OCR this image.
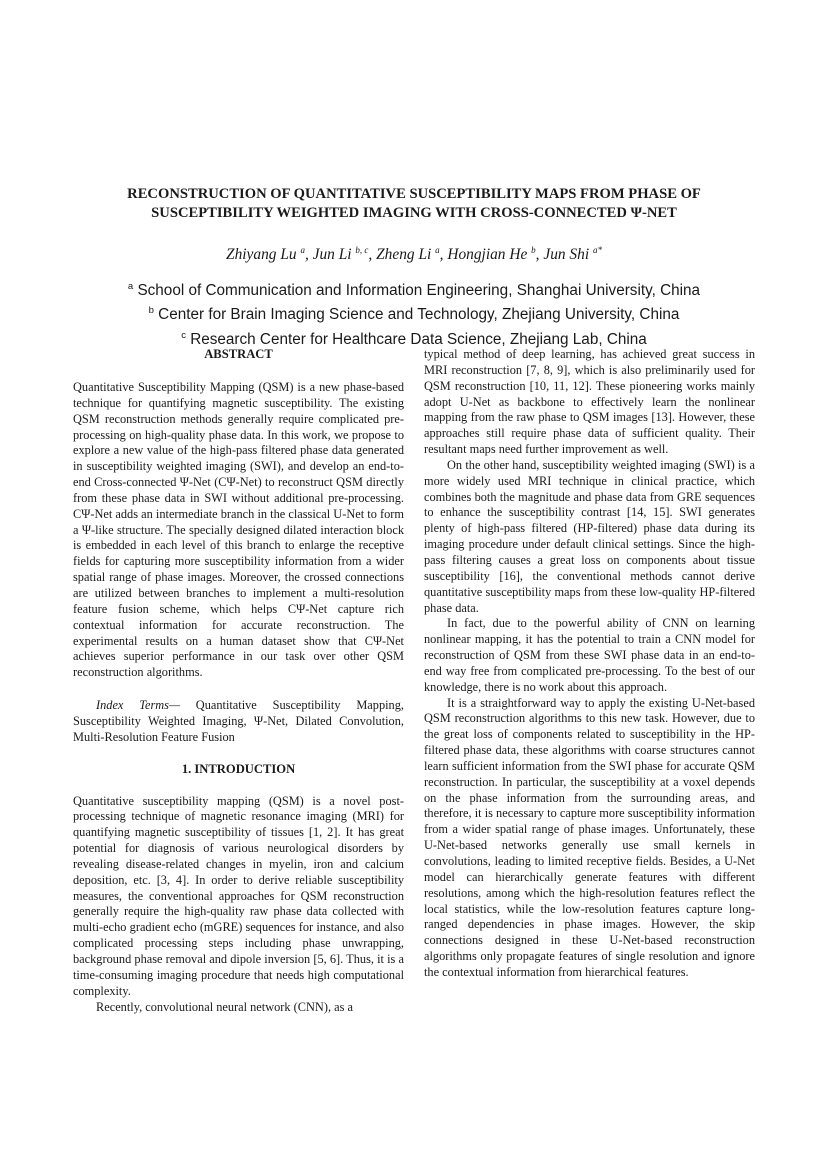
RECONSTRUCTION OF QUANTITATIVE SUSCEPTIBILITY MAPS FROM PHASE OF
SUSCEPTIBILITY WEIGHTED IMAGING WITH CROSS-CONNECTED Ψ-NET
Zhiyang Lu $^a$, Jun Li $^{b, c}$, Zheng Li $^a$, Hongjian He $^b$, Jun Shi $^{a*}$
$^a$ School of Communication and Information Engineering, Shanghai University, China
$^b$ Center for Brain Imaging Science and Technology, Zhejiang University, China
$^c$ Research Center for Healthcare Data Science, Zhejiang Lab, China
ABSTRACT

Quantitative Susceptibility Mapping (QSM) is a new phase-based technique for quantifying magnetic susceptibility. The existing QSM reconstruction methods generally require complicated pre-processing on high-quality phase data. In this work, we propose to explore a new value of the high-pass filtered phase data generated in susceptibility weighted imaging (SWI), and develop an end-to-end Cross-connected Ψ-Net (CΨ-Net) to reconstruct QSM directly from these phase data in SWI without additional pre-processing. CΨ-Net adds an intermediate branch in the classical U-Net to form a Ψ-like structure. The specially designed dilated interaction block is embedded in each level of this branch to enlarge the receptive fields for capturing more susceptibility information from a wider spatial range of phase images. Moreover, the crossed connections are utilized between branches to implement a multi-resolution feature fusion scheme, which helps CΨ-Net capture rich contextual information for accurate reconstruction. The experimental results on a human dataset show that CΨ-Net achieves superior performance in our task over other QSM reconstruction algorithms.

Index Terms— Quantitative Susceptibility Mapping, Susceptibility Weighted Imaging, Ψ-Net, Dilated Convolution, Multi-Resolution Feature Fusion

1. INTRODUCTION

Quantitative susceptibility mapping (QSM) is a novel post-processing technique of magnetic resonance imaging (MRI) for quantifying magnetic susceptibility of tissues [1, 2]. It has great potential for diagnosis of various neurological disorders by revealing disease-related changes in myelin, iron and calcium deposition, etc. [3, 4]. In order to derive reliable susceptibility measures, the conventional approaches for QSM reconstruction generally require the high-quality raw phase data collected with multi-echo gradient echo (mGRE) sequences for instance, and also complicated processing steps including phase unwrapping, background phase removal and dipole inversion [5, 6]. Thus, it is a time-consuming imaging procedure that needs high computational complexity.

Recently, convolutional neural network (CNN), as a

typical method of deep learning, has achieved great success in MRI reconstruction [7, 8, 9], which is also preliminarily used for QSM reconstruction [10, 11, 12]. These pioneering works mainly adopt U-Net as backbone to effectively learn the nonlinear mapping from the raw phase to QSM images [13]. However, these approaches still require phase data of sufficient quality. Their resultant maps need further improvement as well.

On the other hand, susceptibility weighted imaging (SWI) is a more widely used MRI technique in clinical practice, which combines both the magnitude and phase data from GRE sequences to enhance the susceptibility contrast [14, 15]. SWI generates plenty of high-pass filtered (HP-filtered) phase data during its imaging procedure under default clinical settings. Since the high-pass filtering causes a great loss on components about tissue susceptibility [16], the conventional methods cannot derive quantitative susceptibility maps from these low-quality HP-filtered phase data.

In fact, due to the powerful ability of CNN on learning nonlinear mapping, it has the potential to train a CNN model for reconstruction of QSM from these SWI phase data in an end-to-end way free from complicated pre-processing. To the best of our knowledge, there is no work about this approach.

It is a straightforward way to apply the existing U-Net-based QSM reconstruction algorithms to this new task. However, due to the great loss of components related to susceptibility in the HP-filtered phase data, these algorithms with coarse structures cannot learn sufficient information from the SWI phase for accurate QSM reconstruction. In particular, the susceptibility at a voxel depends on the phase information from the surrounding areas, and therefore, it is necessary to capture more susceptibility information from a wider spatial range of phase images. Unfortunately, these U-Net-based networks generally use small kernels in convolutions, leading to limited receptive fields. Besides, a U-Net model can hierarchically generate features with different resolutions, among which the high-resolution features reflect the local statistics, while the low-resolution features capture long-ranged dependencies in phase images. However, the skip connections designed in these U-Net-based reconstruction algorithms only propagate features of single resolution and ignore the contextual information from hierarchical features.
